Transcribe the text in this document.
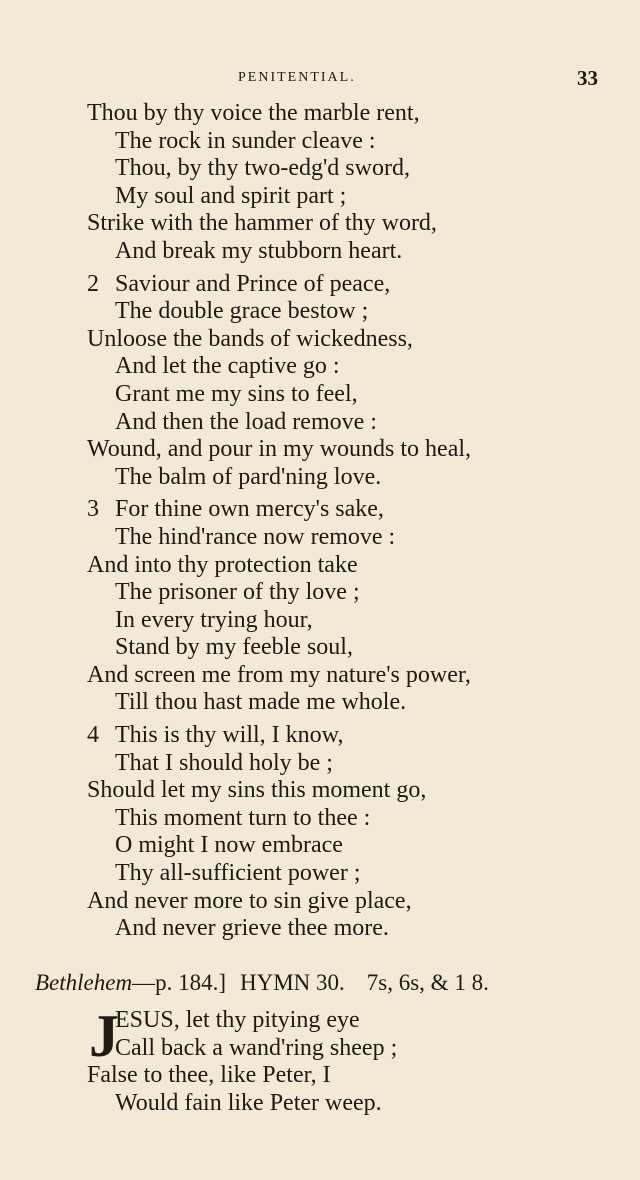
PENITENTIAL.	33
Thou by thy voice the marble rent,
The rock in sunder cleave :
Thou, by thy two-edg'd sword,
My soul and spirit part ;
Strike with the hammer of thy word,
And break my stubborn heart.
2 Saviour and Prince of peace,
The double grace bestow ;
Unloose the bands of wickedness,
And let the captive go :
Grant me my sins to feel,
And then the load remove :
Wound, and pour in my wounds to heal,
The balm of pard'ning love.
3 For thine own mercy's sake,
The hind'rance now remove :
And into thy protection take
The prisoner of thy love ;
In every trying hour,
Stand by my feeble soul,
And screen me from my nature's power,
Till thou hast made me whole.
4 This is thy will, I know,
That I should holy be ;
Should let my sins this moment go,
This moment turn to thee :
O might I now embrace
Thy all-sufficient power ;
And never more to sin give place,
And never grieve thee more.
Bethlehem—p. 184.] HYMN 30. 7s, 6s, & 1 8.
J
ESUS, let thy pitying eye
Call back a wand'ring sheep ;
False to thee, like Peter, I
Would fain like Peter weep.
